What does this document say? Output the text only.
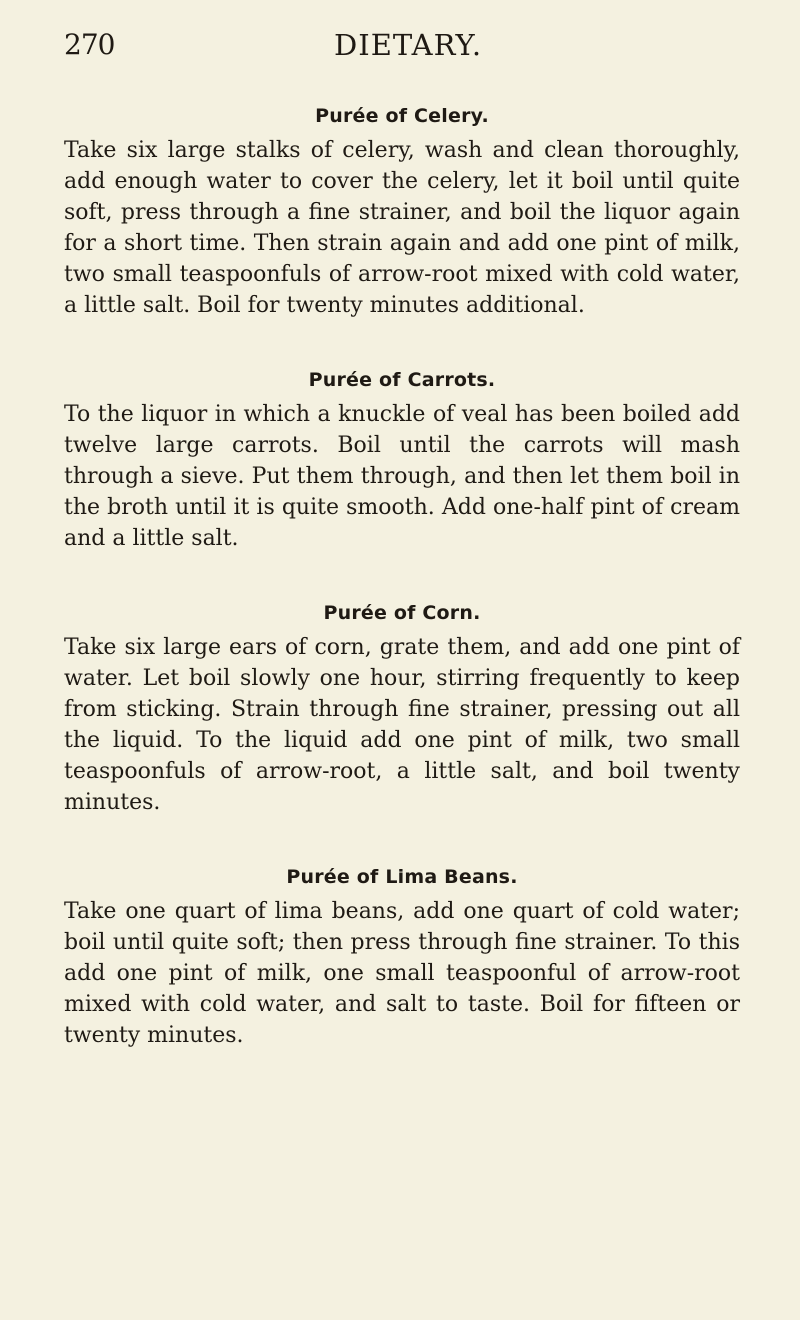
270	DIETARY.
Purée of Celery.

Take six large stalks of celery, wash and clean thoroughly, add enough water to cover the celery, let it boil until quite soft, press through a fine strainer, and boil the liquor again for a short time. Then strain again and add one pint of milk, two small teaspoonfuls of arrow-root mixed with cold water, a little salt. Boil for twenty minutes additional.

Purée of Carrots.

To the liquor in which a knuckle of veal has been boiled add twelve large carrots. Boil until the carrots will mash through a sieve. Put them through, and then let them boil in the broth until it is quite smooth. Add one-half pint of cream and a little salt.

Purée of Corn.

Take six large ears of corn, grate them, and add one pint of water. Let boil slowly one hour, stirring frequently to keep from sticking. Strain through fine strainer, pressing out all the liquid. To the liquid add one pint of milk, two small teaspoonfuls of arrow-root, a little salt, and boil twenty minutes.

Purée of Lima Beans.

Take one quart of lima beans, add one quart of cold water; boil until quite soft; then press through fine strainer. To this add one pint of milk, one small teaspoonful of arrow-root mixed with cold water, and salt to taste. Boil for fifteen or twenty minutes.
